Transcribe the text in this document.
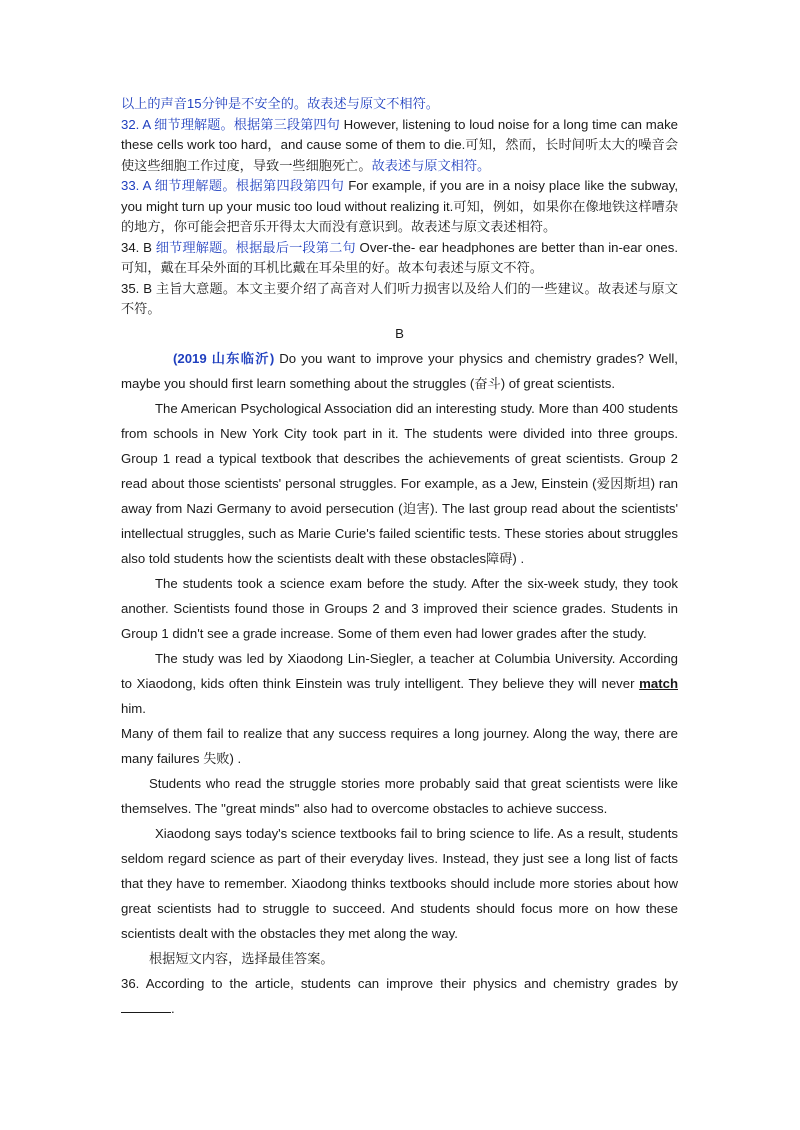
以上的声音15分钟是不安全的。故表述与原文不相符。

32. A 细节理解题。根据第三段第四句 However, listening to loud noise for a long time can make these cells work too hard，and cause some of them to die.可知，然而，长时间听太大的噪音会使这些细胞工作过度，导致一些细胞死亡。故表述与原文相符。

33. A 细节理解题。根据第四段第四句 For example, if you are in a noisy place like the subway, you might turn up your music too loud without realizing it.可知，例如，如果你在像地铁这样嘈杂的地方，你可能会把音乐开得太大而没有意识到。故表述与原文表述相符。

34. B 细节理解题。根据最后一段第二句 Over-the- ear headphones are better than in-ear ones. 可知，戴在耳朵外面的耳机比戴在耳朵里的好。故本句表述与原文不符。

35. B 主旨大意题。本文主要介绍了高音对人们听力损害以及给人们的一些建议。故表述与原文不符。

B

(2019 山东临沂) Do you want to improve your physics and chemistry grades? Well, maybe you should first learn something about the struggles (奋斗) of great scientists.

The American Psychological Association did an interesting study. More than 400 students from schools in New York City took part in it. The students were divided into three groups. Group 1 read a typical textbook that describes the achievements of great scientists. Group 2 read about those scientists' personal struggles. For example, as a Jew, Einstein (爱因斯坦) ran away from Nazi Germany to avoid persecution (迫害). The last group read about the scientists' intellectual struggles, such as Marie Curie's failed scientific tests. These stories about struggles also told students how the scientists dealt with these obstacles障碍) .

The students took a science exam before the study. After the six-week study, they took another. Scientists found those in Groups 2 and 3 improved their science grades. Students in Group 1 didn't see a grade increase. Some of them even had lower grades after the study.

The study was led by Xiaodong Lin-Siegler, a teacher at Columbia University. According to Xiaodong, kids often think Einstein was truly intelligent. They believe they will never match him.

Many of them fail to realize that any success requires a long journey. Along the way, there are many failures 失败) .

Students who read the struggle stories more probably said that great scientists were like themselves. The "great minds" also had to overcome obstacles to achieve success.

Xiaodong says today's science textbooks fail to bring science to life. As a result, students seldom regard science as part of their everyday lives. Instead, they just see a long list of facts that they have to remember. Xiaodong thinks textbooks should include more stories about how great scientists had to struggle to succeed. And students should focus more on how these scientists dealt with the obstacles they met along the way.

根据短文内容，选择最佳答案。

36. According to the article, students can improve their physics and chemistry grades by .
